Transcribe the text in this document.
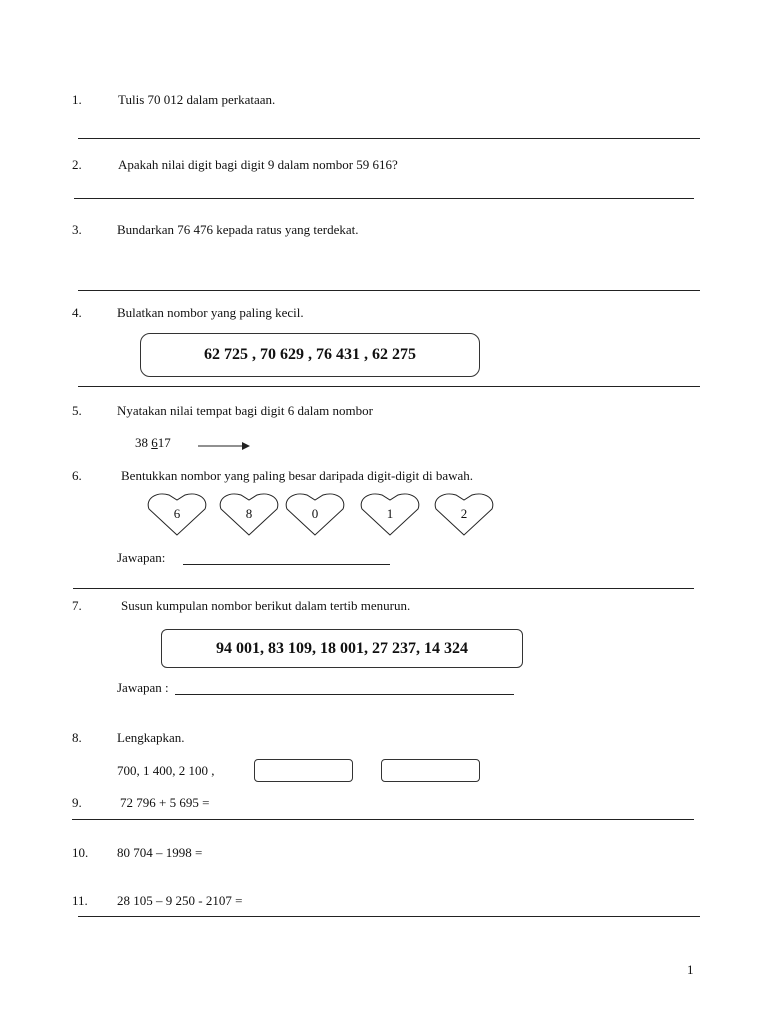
1.	Tulis 70 012 dalam perkataan.
2.	Apakah nilai digit bagi digit 9 dalam nombor 59 616?
3.	Bundarkan 76 476 kepada ratus yang terdekat.
4.	Bulatkan nombor yang paling kecil.
62 725 , 70 629 , 76 431 , 62 275
5.	Nyatakan nilai tempat bagi digit 6 dalam nombor
38 617
6.	Bentukkan nombor yang paling besar daripada digit-digit di bawah.
6	8	0	1	2
Jawapan:
7.	Susun kumpulan nombor berikut dalam tertib menurun.
94 001, 83 109, 18 001, 27 237, 14 324
Jawapan :
8.	Lengkapkan.
700, 1 400, 2 100 ,
9.	72 796 + 5 695 =
10. 80 704 – 1998 =
11. 28 105 – 9 250 - 2107 =
1
